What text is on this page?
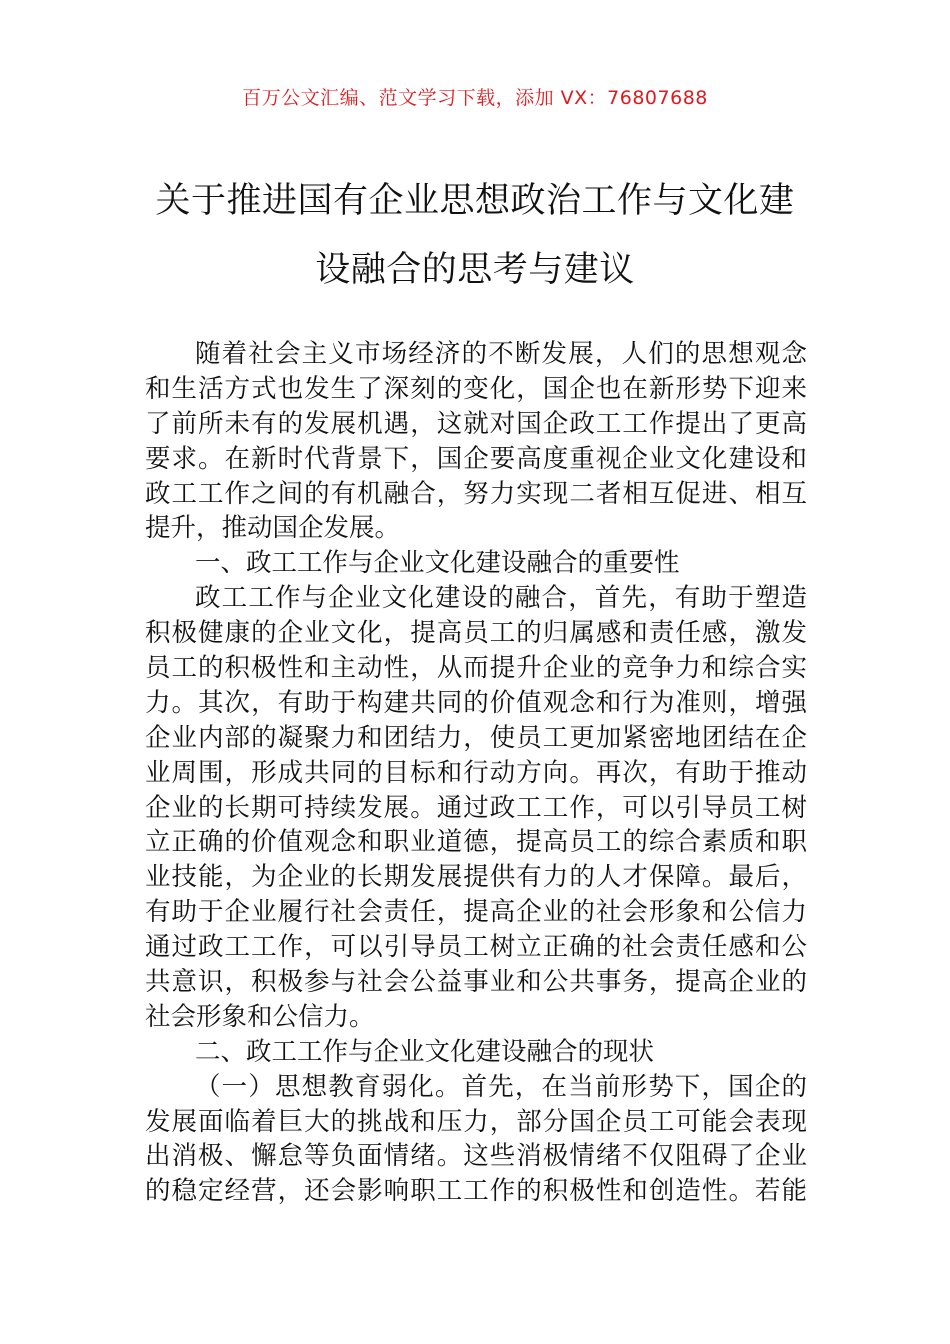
百万公文汇编、范文学习下载，添加 VX：76807688
关于推进国有企业思想政治工作与文化建
设融合的思考与建议
随着社会主义市场经济的不断发展，人们的思想观念
和生活方式也发生了深刻的变化，国企也在新形势下迎来
了前所未有的发展机遇，这就对国企政工工作提出了更高
要求。在新时代背景下，国企要高度重视企业文化建设和
政工工作之间的有机融合，努力实现二者相互促进、相互
提升，推动国企发展。
一、政工工作与企业文化建设融合的重要性
政工工作与企业文化建设的融合，首先，有助于塑造
积极健康的企业文化，提高员工的归属感和责任感，激发
员工的积极性和主动性，从而提升企业的竞争力和综合实
力。其次，有助于构建共同的价值观念和行为准则，增强
企业内部的凝聚力和团结力，使员工更加紧密地团结在企
业周围，形成共同的目标和行动方向。再次，有助于推动
企业的长期可持续发展。通过政工工作，可以引导员工树
立正确的价值观念和职业道德，提高员工的综合素质和职
业技能，为企业的长期发展提供有力的人才保障。最后，
有助于企业履行社会责任，提高企业的社会形象和公信力
通过政工工作，可以引导员工树立正确的社会责任感和公
共意识，积极参与社会公益事业和公共事务，提高企业的
社会形象和公信力。
二、政工工作与企业文化建设融合的现状
（一）思想教育弱化。首先，在当前形势下，国企的
发展面临着巨大的挑战和压力，部分国企员工可能会表现
出消极、懈怠等负面情绪。这些消极情绪不仅阻碍了企业
的稳定经营，还会影响职工工作的积极性和创造性。若能
